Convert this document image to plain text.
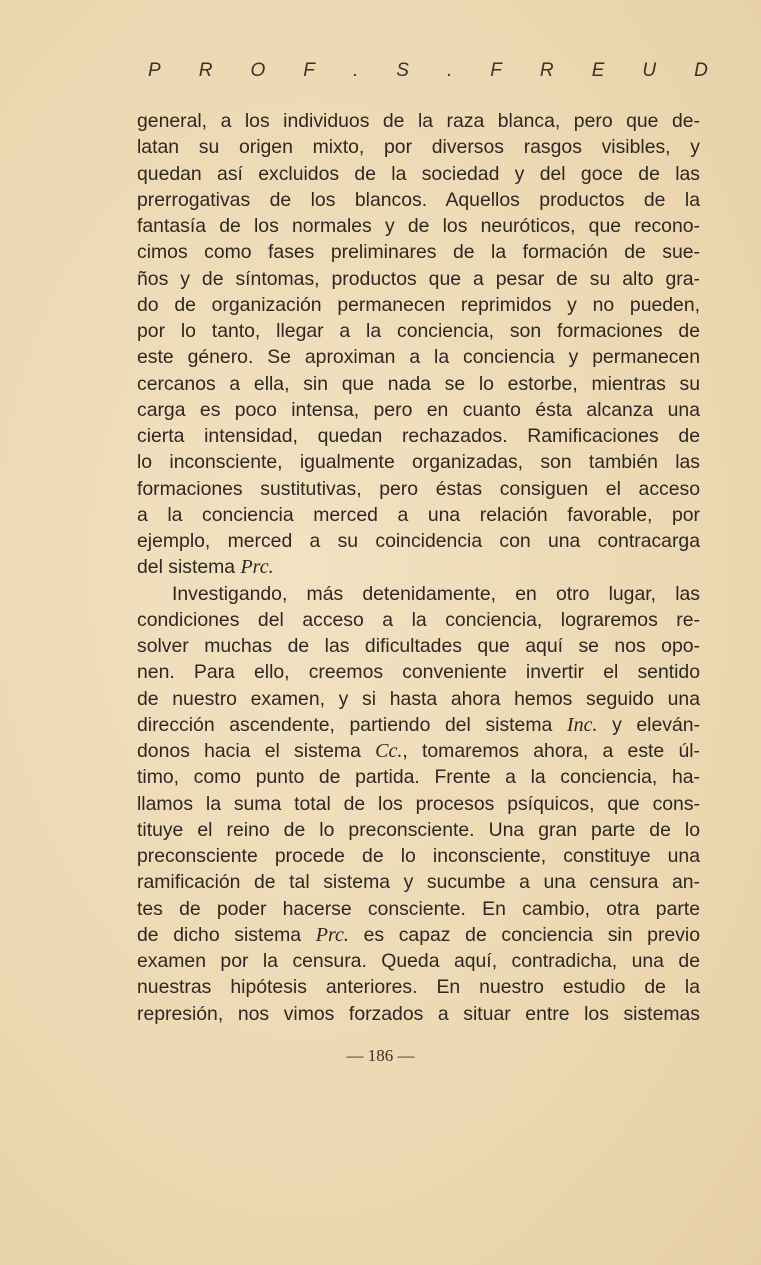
P R O F . S . F R E U D
general, a los individuos de la raza blanca, pero que de-
latan su origen mixto, por diversos rasgos visibles, y
quedan así excluidos de la sociedad y del goce de las
prerrogativas de los blancos. Aquellos productos de la
fantasía de los normales y de los neuróticos, que recono-
cimos como fases preliminares de la formación de sue-
ños y de síntomas, productos que a pesar de su alto gra-
do de organización permanecen reprimidos y no pueden,
por lo tanto, llegar a la conciencia, son formaciones de
este género. Se aproximan a la conciencia y permanecen
cercanos a ella, sin que nada se lo estorbe, mientras su
carga es poco intensa, pero en cuanto ésta alcanza una
cierta intensidad, quedan rechazados. Ramificaciones de
lo inconsciente, igualmente organizadas, son también las
formaciones sustitutivas, pero éstas consiguen el acceso
a la conciencia merced a una relación favorable, por
ejemplo, merced a su coincidencia con una contracarga
del sistema Prc.
Investigando, más detenidamente, en otro lugar, las
condiciones del acceso a la conciencia, lograremos re-
solver muchas de las dificultades que aquí se nos opo-
nen. Para ello, creemos conveniente invertir el sentido
de nuestro examen, y si hasta ahora hemos seguido una
dirección ascendente, partiendo del sistema Inc. y eleván-
donos hacia el sistema Cc., tomaremos ahora, a este úl-
timo, como punto de partida. Frente a la conciencia, ha-
llamos la suma total de los procesos psíquicos, que cons-
tituye el reino de lo preconsciente. Una gran parte de lo
preconsciente procede de lo inconsciente, constituye una
ramificación de tal sistema y sucumbe a una censura an-
tes de poder hacerse consciente. En cambio, otra parte
de dicho sistema Prc. es capaz de conciencia sin previo
examen por la censura. Queda aquí, contradicha, una de
nuestras hipótesis anteriores. En nuestro estudio de la
represión, nos vimos forzados a situar entre los sistemas
— 186 —
